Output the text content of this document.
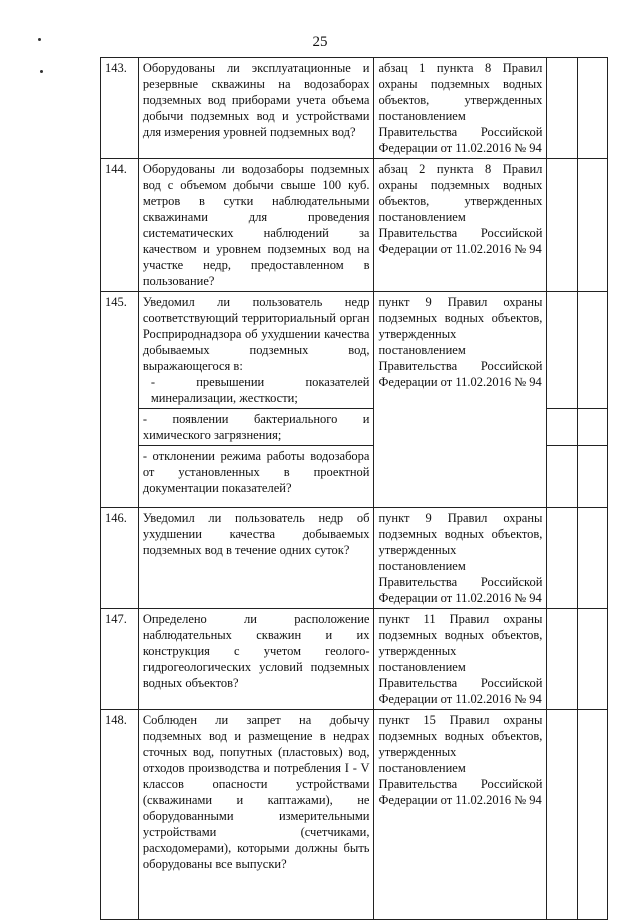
25
143.	Оборудованы ли эксплуатационные и резервные скважины на водозаборах подземных вод приборами учета объема добычи подземных вод и устройствами для измерения уровней подземных вод?	абзац 1 пункта 8 Правил охраны подземных водных объектов, утвержденных постановлением Правительства Российской Федерации от 11.02.2016 № 94		
144.	Оборудованы ли водозаборы подземных вод с объемом добычи свыше 100 куб. метров в сутки наблюдательными скважинами для проведения систематических наблюдений за качеством и уровнем подземных вод на участке недр, предоставленном в пользование?	абзац 2 пункта 8 Правил охраны подземных водных объектов, утвержденных постановлением Правительства Российской Федерации от 11.02.2016 № 94		
145.	Уведомил ли пользователь недр соответствующий территориальный орган Росприроднадзора об ухудшении качества добываемых подземных вод, выражающегося в:
- превышении показателей минерализации, жесткости;	пункт 9 Правил охраны подземных водных объектов, утвержденных постановлением Правительства Российской Федерации от 11.02.2016 № 94		
	- появлении бактериального и химического загрязнения;			
	- отклонении режима работы водозабора от установленных в проектной документации показателей?			
146.	Уведомил ли пользователь недр об ухудшении качества добываемых подземных вод в течение одних суток?	пункт 9 Правил охраны подземных водных объектов, утвержденных постановлением Правительства Российской Федерации от 11.02.2016 № 94		
147.	Определено ли расположение наблюдательных скважин и их конструкция с учетом геолого-гидрогеологических условий подземных водных объектов?	пункт 11 Правил охраны подземных водных объектов, утвержденных постановлением Правительства Российской Федерации от 11.02.2016 № 94		
148.	Соблюден ли запрет на добычу подземных вод и размещение в недрах сточных вод, попутных (пластовых) вод, отходов производства и потребления I - V классов опасности устройствами (скважинами и каптажами), не оборудованными измерительными устройствами (счетчиками, расходомерами), которыми должны быть оборудованы все выпуски?	пункт 15 Правил охраны подземных водных объектов, утвержденных постановлением Правительства Российской Федерации от 11.02.2016 № 94		
